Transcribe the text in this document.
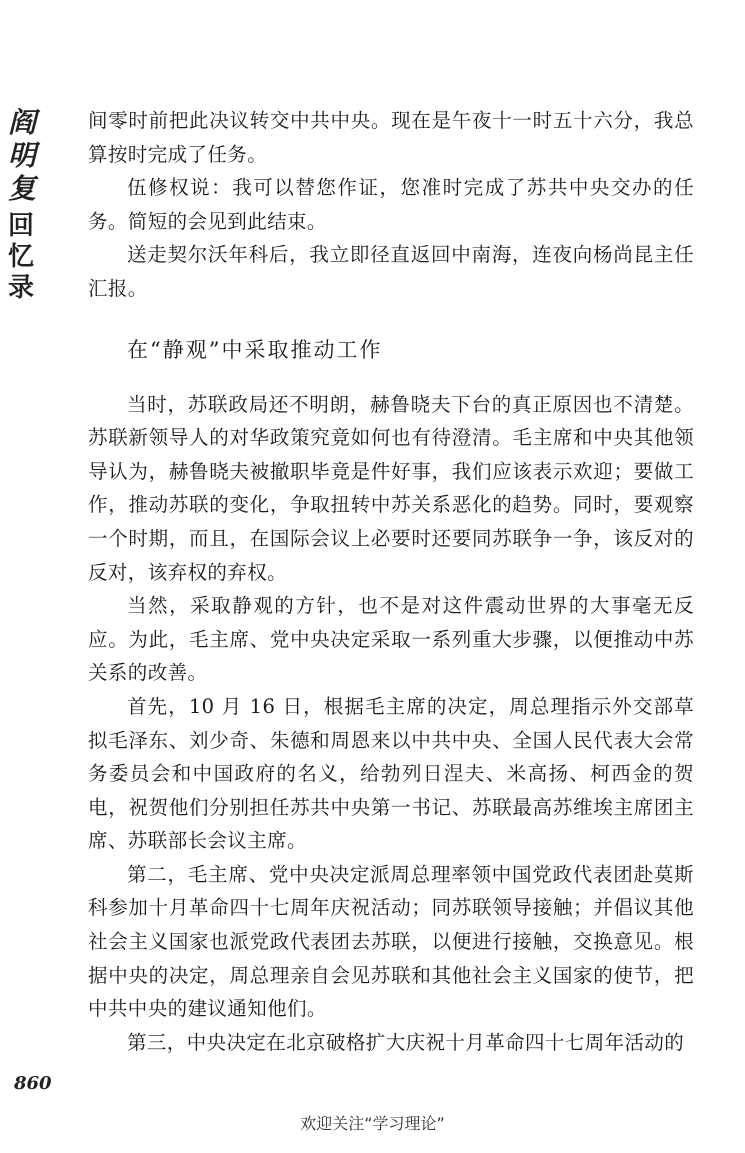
阎明复
回忆录

间零时前把此决议转交中共中央。现在是午夜十一时五十六分，我总算按时完成了任务。

伍修权说：我可以替您作证，您准时完成了苏共中央交办的任务。简短的会见到此结束。

送走契尔沃年科后，我立即径直返回中南海，连夜向杨尚昆主任汇报。

在“静观”中采取推动工作

当时，苏联政局还不明朗，赫鲁晓夫下台的真正原因也不清楚。苏联新领导人的对华政策究竟如何也有待澄清。毛主席和中央其他领导认为，赫鲁晓夫被撤职毕竟是件好事，我们应该表示欢迎；要做工作，推动苏联的变化，争取扭转中苏关系恶化的趋势。同时，要观察一个时期，而且，在国际会议上必要时还要同苏联争一争，该反对的反对，该弃权的弃权。

当然，采取静观的方针，也不是对这件震动世界的大事毫无反应。为此，毛主席、党中央决定采取一系列重大步骤，以便推动中苏关系的改善。

首先，10 月 16 日，根据毛主席的决定，周总理指示外交部草拟毛泽东、刘少奇、朱德和周恩来以中共中央、全国人民代表大会常务委员会和中国政府的名义，给勃列日涅夫、米高扬、柯西金的贺电，祝贺他们分别担任苏共中央第一书记、苏联最高苏维埃主席团主席、苏联部长会议主席。

第二，毛主席、党中央决定派周总理率领中国党政代表团赴莫斯科参加十月革命四十七周年庆祝活动；同苏联领导接触；并倡议其他社会主义国家也派党政代表团去苏联，以便进行接触，交换意见。根据中央的决定，周总理亲自会见苏联和其他社会主义国家的使节，把中共中央的建议通知他们。

第三，中央决定在北京破格扩大庆祝十月革命四十七周年活动的

860
欢迎关注“学习理论”
